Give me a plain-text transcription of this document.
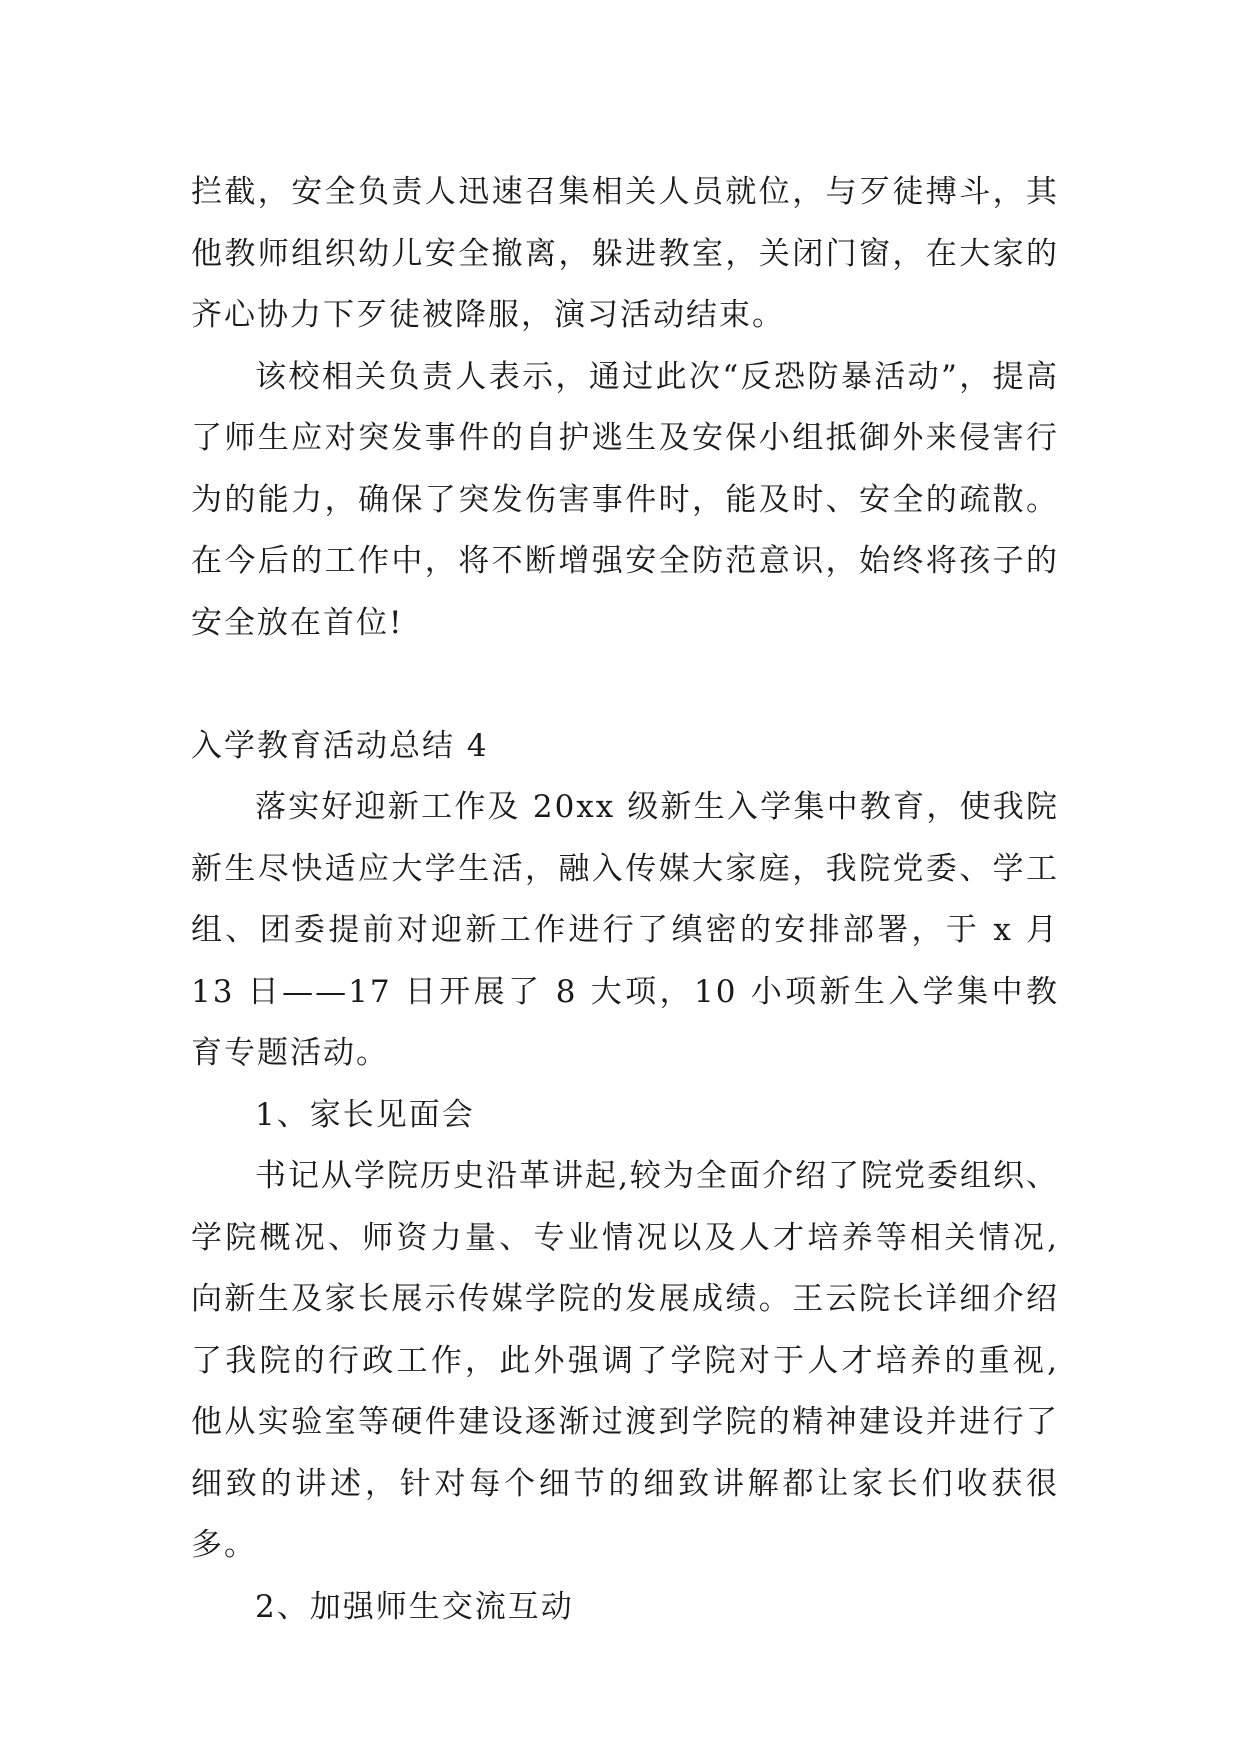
拦截，安全负责人迅速召集相关人员就位，与歹徒搏斗，其他教师组织幼儿安全撤离，躲进教室，关闭门窗，在大家的齐心协力下歹徒被降服，演习活动结束。

该校相关负责人表示，通过此次“反恐防暴活动”，提高了师生应对突发事件的自护逃生及安保小组抵御外来侵害行为的能力，确保了突发伤害事件时，能及时、安全的疏散。在今后的工作中，将不断增强安全防范意识，始终将孩子的安全放在首位!

入学教育活动总结 4

落实好迎新工作及 20xx 级新生入学集中教育，使我院新生尽快适应大学生活，融入传媒大家庭，我院党委、学工组、团委提前对迎新工作进行了缜密的安排部署，于 x 月 13 日——17 日开展了 8 大项，10 小项新生入学集中教育专题活动。

1、家长见面会

书记从学院历史沿革讲起,较为全面介绍了院党委组织、学院概况、师资力量、专业情况以及人才培养等相关情况,向新生及家长展示传媒学院的发展成绩。王云院长详细介绍了我院的行政工作，此外强调了学院对于人才培养的重视,他从实验室等硬件建设逐渐过渡到学院的精神建设并进行了细致的讲述，针对每个细节的细致讲解都让家长们收获很多。

2、加强师生交流互动
